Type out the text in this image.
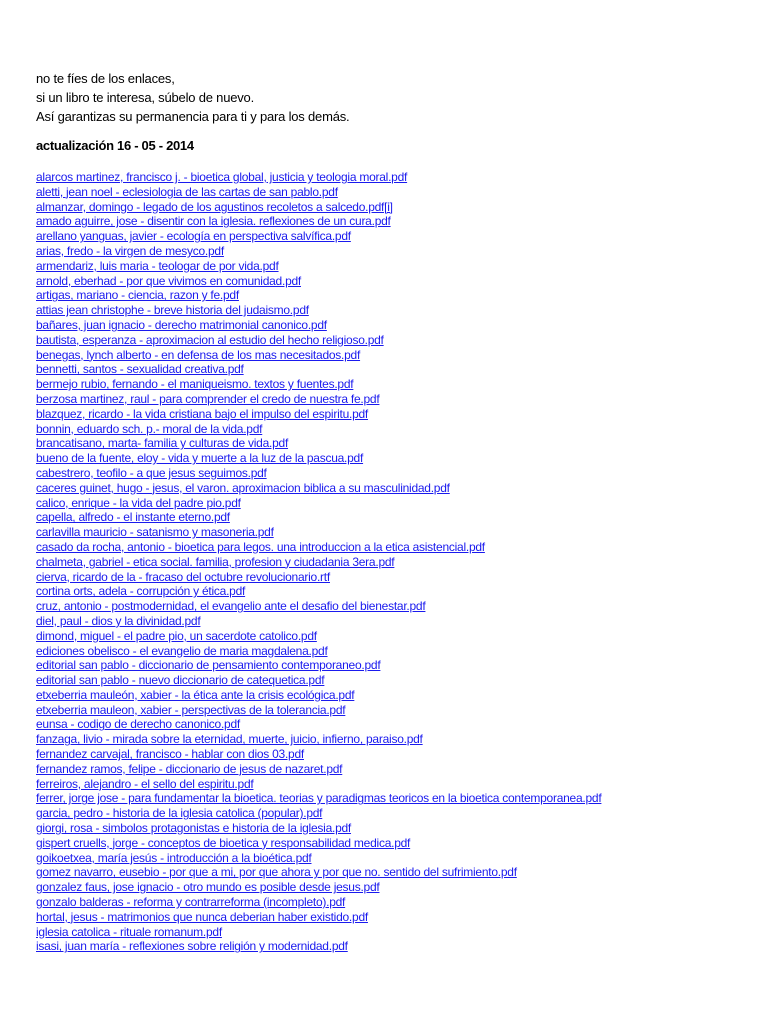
no te fíes de los enlaces,
si un libro te interesa, súbelo de nuevo.
Así garantizas su permanencia para ti y para los demás.
actualización 16 - 05 - 2014
alarcos martinez, francisco j. - bioetica global, justicia y teologia moral.pdf
aletti, jean noel - eclesiologia de las cartas de san pablo.pdf
almanzar, domingo - legado de los agustinos recoletos a salcedo.pdf[i]
amado aguirre, jose - disentir con la iglesia. reflexiones de un cura.pdf
arellano yanguas, javier - ecología en perspectiva salvífica.pdf
arias, fredo - la virgen de mesyco.pdf
armendariz, luis maria - teologar de por vida.pdf
arnold, eberhad - por que vivimos en comunidad.pdf
artigas, mariano - ciencia, razon y fe.pdf
attias jean christophe - breve historia del judaismo.pdf
bañares, juan ignacio - derecho matrimonial canonico.pdf
bautista, esperanza - aproximacion al estudio del hecho religioso.pdf
benegas, lynch alberto - en defensa de los mas necesitados.pdf
bennetti, santos - sexualidad creativa.pdf
bermejo rubio, fernando - el maniqueismo. textos y fuentes.pdf
berzosa martinez, raul - para comprender el credo de nuestra fe.pdf
blazquez, ricardo - la vida cristiana bajo el impulso del espiritu.pdf
bonnin, eduardo sch. p.- moral de la vida.pdf
brancatisano, marta- familia y culturas de vida.pdf
bueno de la fuente, eloy - vida y muerte a la luz de la pascua.pdf
cabestrero, teofilo - a que jesus seguimos.pdf
caceres guinet, hugo - jesus, el varon. aproximacion biblica a su masculinidad.pdf
calico, enrique - la vida del padre pio.pdf
capella, alfredo - el instante eterno.pdf
carlavilla mauricio - satanismo y masoneria.pdf
casado da rocha, antonio - bioetica para legos. una introduccion a la etica asistencial.pdf
chalmeta, gabriel - etica social. familia, profesion y ciudadania 3era.pdf
cierva, ricardo de la - fracaso del octubre revolucionario.rtf
cortina orts, adela - corrupción y ética.pdf
cruz, antonio - postmodernidad, el evangelio ante el desafio del bienestar.pdf
diel, paul - dios y la divinidad.pdf
dimond, miguel - el padre pio, un sacerdote catolico.pdf
ediciones obelisco - el evangelio de maria magdalena.pdf
editorial san pablo - diccionario de pensamiento contemporaneo.pdf
editorial san pablo - nuevo diccionario de catequetica.pdf
etxeberria mauleón, xabier - la ética ante la crisis ecológica.pdf
etxeberria mauleon, xabier - perspectivas de la tolerancia.pdf
eunsa - codigo de derecho canonico.pdf
fanzaga, livio - mirada sobre la eternidad, muerte, juicio, infierno, paraiso.pdf
fernandez carvajal, francisco - hablar con dios 03.pdf
fernandez ramos, felipe - diccionario de jesus de nazaret.pdf
ferreiros, alejandro - el sello del espiritu.pdf
ferrer, jorge jose - para fundamentar la bioetica. teorias y paradigmas teoricos en la bioetica contemporanea.pdf
garcia, pedro - historia de la iglesia catolica (popular).pdf
giorgi, rosa - simbolos protagonistas e historia de la iglesia.pdf
gispert cruells, jorge - conceptos de bioetica y responsabilidad medica.pdf
goikoetxea, maría jesús - introducción a la bioética.pdf
gomez navarro, eusebio - por que a mi, por que ahora y por que no. sentido del sufrimiento.pdf
gonzalez faus, jose ignacio - otro mundo es posible desde jesus.pdf
gonzalo balderas - reforma y contrarreforma (incompleto).pdf
hortal, jesus - matrimonios que nunca deberian haber existido.pdf
iglesia catolica - rituale romanum.pdf
isasi, juan maría - reflexiones sobre religión y modernidad.pdf
